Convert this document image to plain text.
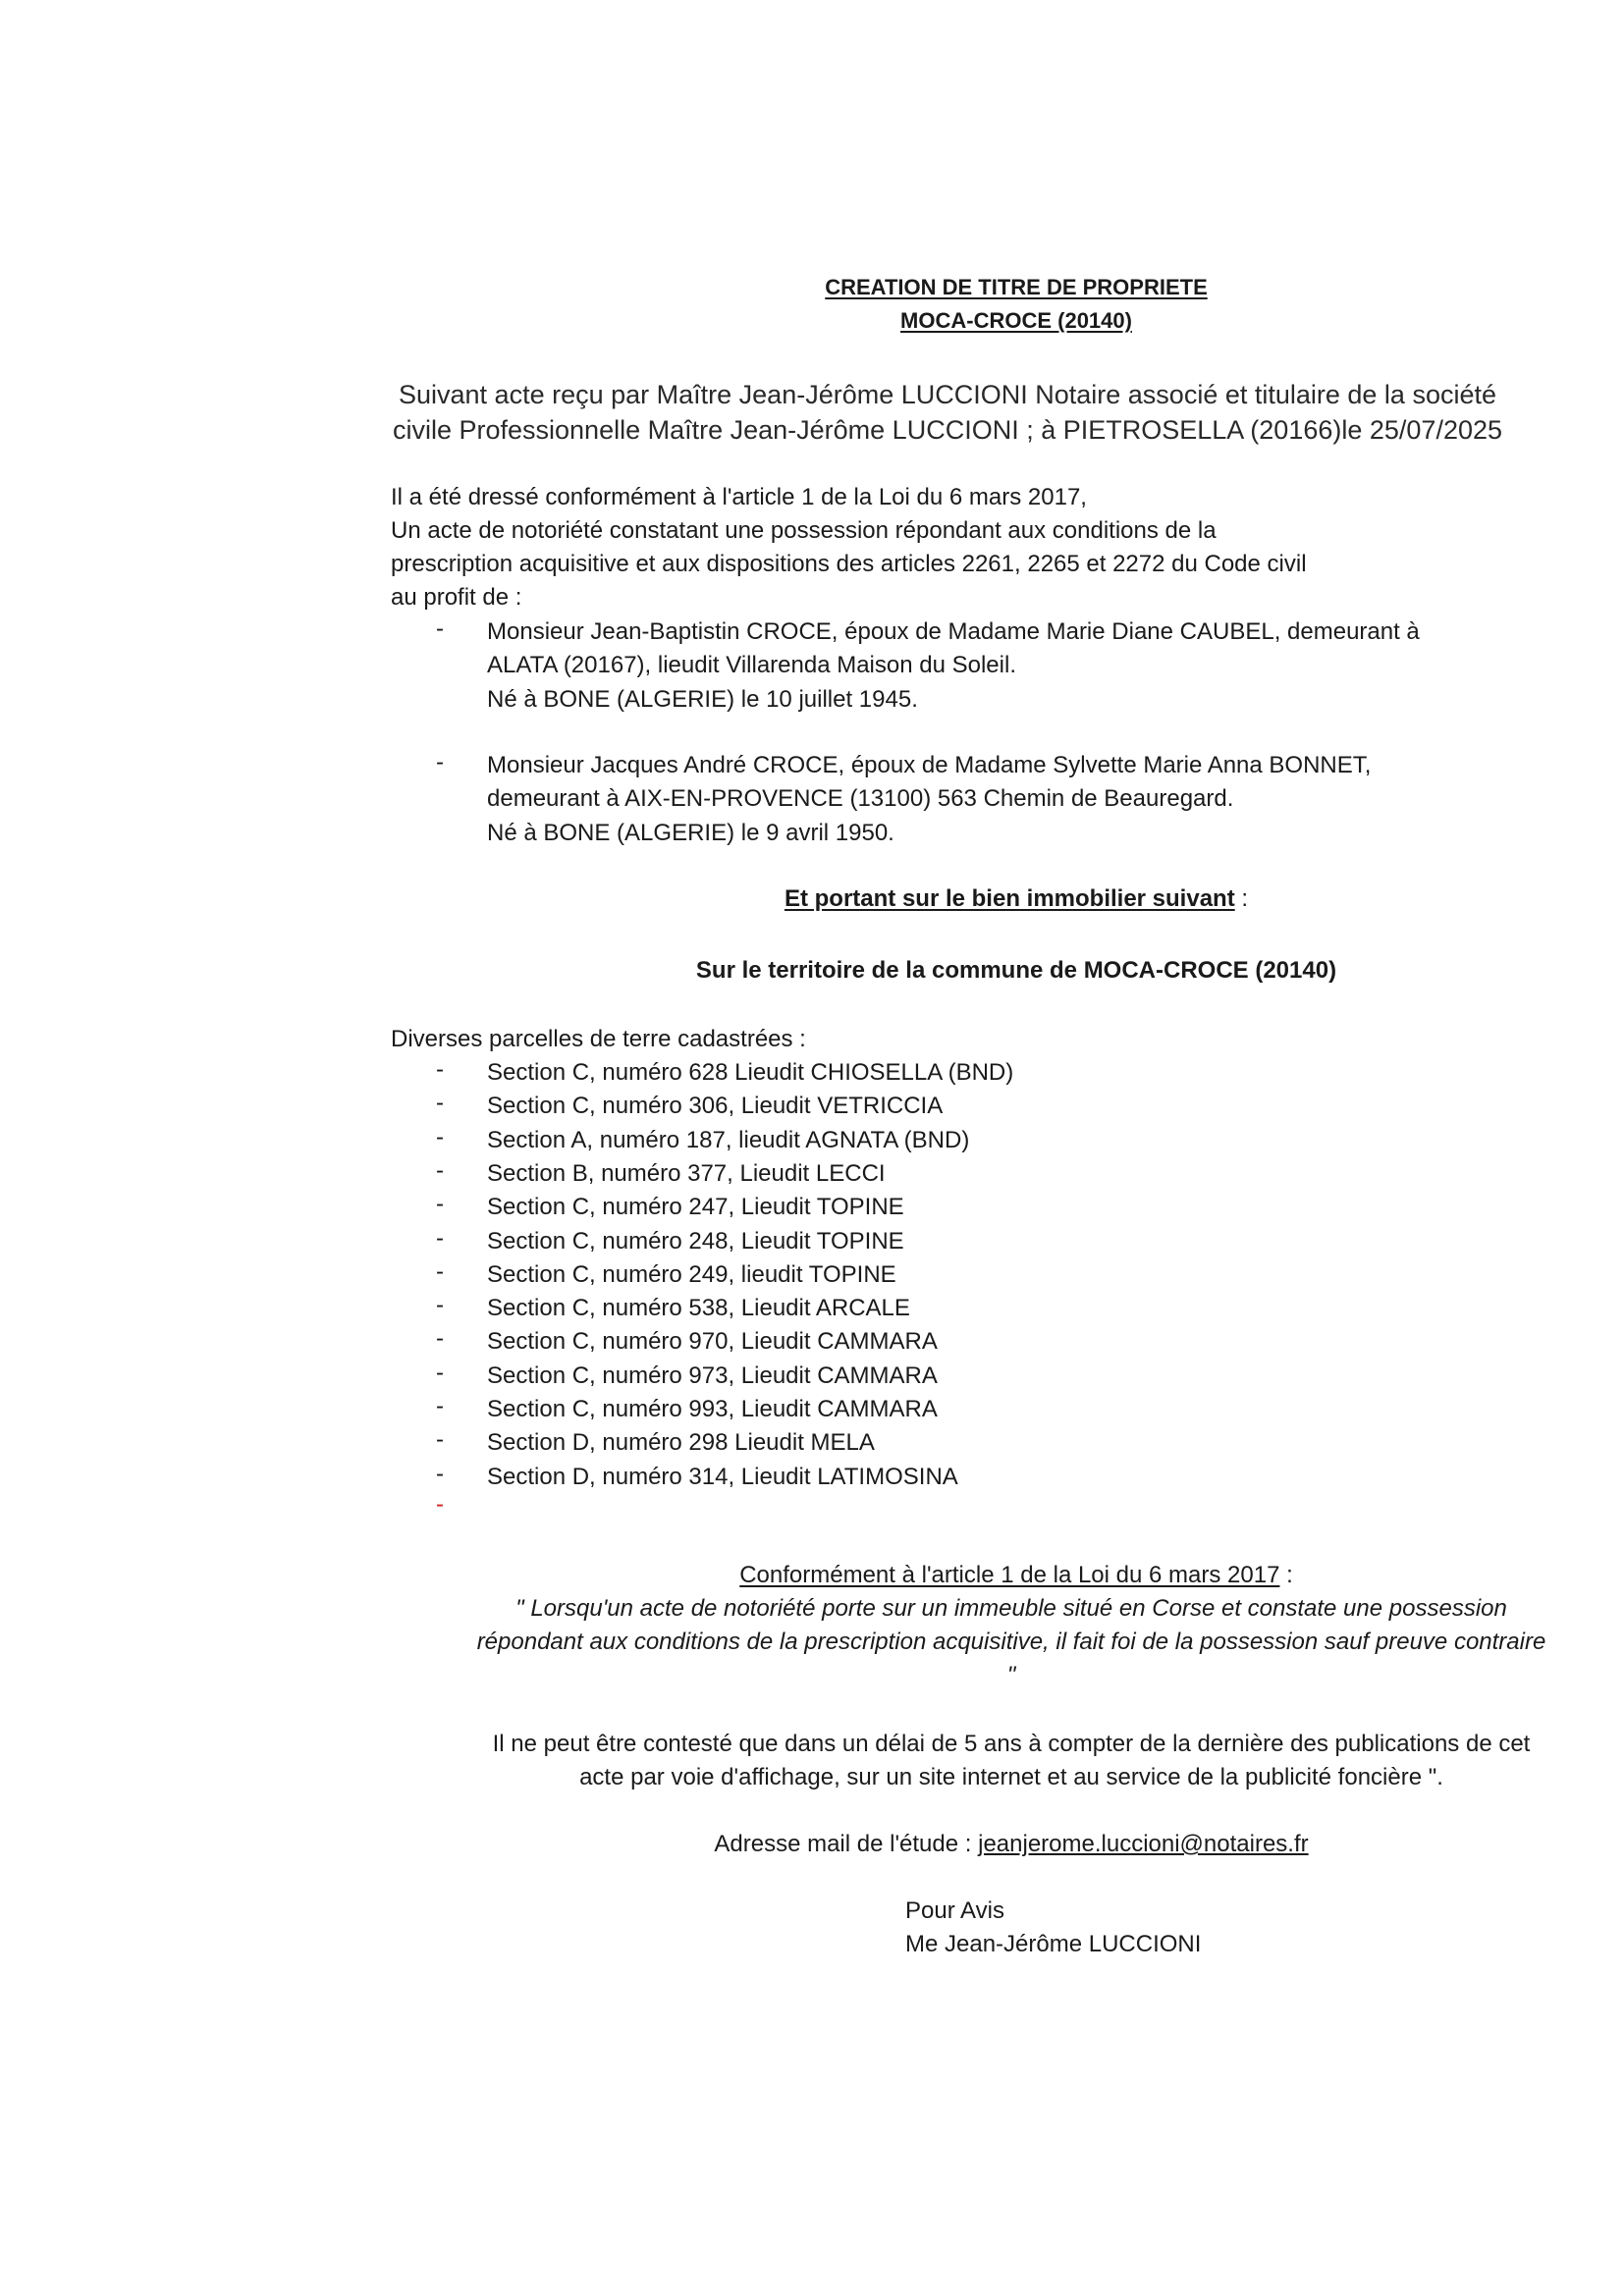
CREATION DE TITRE DE PROPRIETE
MOCA-CROCE (20140)
Suivant acte reçu par Maître Jean-Jérôme LUCCIONI Notaire associé et titulaire de la société
civile Professionnelle Maître Jean-Jérôme LUCCIONI ; à PIETROSELLA (20166)le 25/07/2025
Il a été dressé conformément à l'article 1 de la Loi du 6 mars 2017,
Un acte de notoriété constatant une possession répondant aux conditions de la
prescription acquisitive et aux dispositions des articles 2261, 2265 et 2272 du Code civil
au profit de :
- Monsieur Jean-Baptistin CROCE, époux de Madame Marie Diane CAUBEL, demeurant à
ALATA (20167), lieudit Villarenda Maison du Soleil.
Né à BONE (ALGERIE) le 10 juillet 1945.
- Monsieur Jacques André CROCE, époux de Madame Sylvette Marie Anna BONNET,
demeurant à AIX-EN-PROVENCE (13100) 563 Chemin de Beauregard.
Né à BONE (ALGERIE) le 9 avril 1950.
Et portant sur le bien immobilier suivant :
Sur le territoire de la commune de MOCA-CROCE (20140)
Diverses parcelles de terre cadastrées :
- Section C, numéro 628 Lieudit CHIOSELLA (BND)
- Section C, numéro 306, Lieudit VETRICCIA
- Section A, numéro 187, lieudit AGNATA (BND)
- Section B, numéro 377, Lieudit LECCI
- Section C, numéro 247, Lieudit TOPINE
- Section C, numéro 248, Lieudit TOPINE
- Section C, numéro 249, lieudit TOPINE
- Section C, numéro 538, Lieudit ARCALE
- Section C, numéro 970, Lieudit CAMMARA
- Section C, numéro 973, Lieudit CAMMARA
- Section C, numéro 993, Lieudit CAMMARA
- Section D, numéro 298 Lieudit MELA
- Section D, numéro 314, Lieudit LATIMOSINA
-
Conformément à l'article 1 de la Loi du 6 mars 2017 :
" Lorsqu'un acte de notoriété porte sur un immeuble situé en Corse et constate une possession
répondant aux conditions de la prescription acquisitive, il fait foi de la possession sauf preuve contraire
"
Il ne peut être contesté que dans un délai de 5 ans à compter de la dernière des publications de cet
acte par voie d'affichage, sur un site internet et au service de la publicité foncière ".
Adresse mail de l'étude : jeanjerome.luccioni@notaires.fr
Pour Avis
Me Jean-Jérôme LUCCIONI
